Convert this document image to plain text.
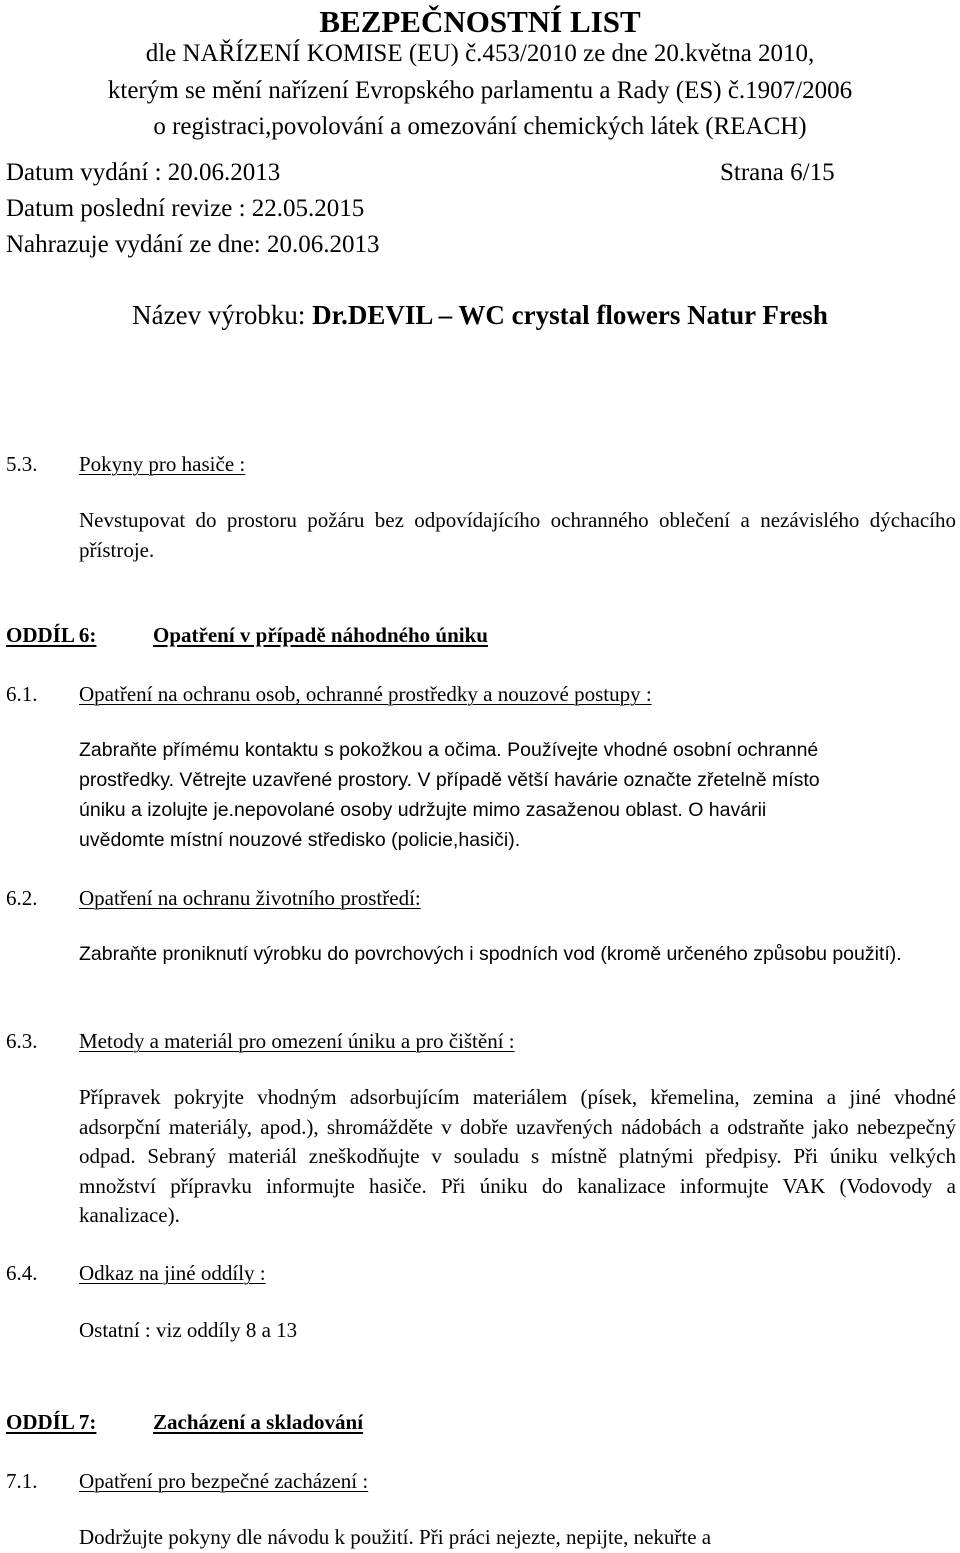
BEZPEČNOSTNÍ LIST
dle NAŘÍZENÍ KOMISE (EU) č.453/2010 ze dne 20.května 2010,
kterým se mění nařízení Evropského parlamentu a Rady (ES) č.1907/2006
o registraci,povolování a omezování chemických látek (REACH)
Datum vydání : 20.06.2013	Strana 6/15
Datum poslední revize : 22.05.2015
Nahrazuje vydání ze dne: 20.06.2013
Název výrobku: Dr.DEVIL – WC crystal flowers Natur Fresh
5.3. Pokyny pro hasiče :
Nevstupovat do prostoru požáru bez odpovídajícího ochranného oblečení a nezávislého dýchacího přístroje.
ODDÍL 6:	Opatření v případě náhodného úniku
6.1. Opatření na ochranu osob, ochranné prostředky a nouzové postupy :
Zabraňte přímému kontaktu s pokožkou a očima. Používejte vhodné osobní ochranné
prostředky. Větrejte uzavřené prostory. V případě větší havárie označte zřetelně místo
úniku a izolujte je.nepovolané osoby udržujte mimo zasaženou oblast. O havárii
uvědomte místní nouzové středisko (policie,hasiči).
6.2. Opatření na ochranu životního prostředí:
Zabraňte proniknutí výrobku do povrchových i spodních vod (kromě určeného způsobu použití).
6.3. Metody a materiál pro omezení úniku a pro čištění :
Přípravek pokryjte vhodným adsorbujícím materiálem (písek, křemelina, zemina a jiné vhodné adsorpční materiály, apod.), shromážděte v dobře uzavřených nádobách a odstraňte jako nebezpečný odpad. Sebraný materiál zneškodňujte v souladu s místně platnými předpisy. Při úniku velkých množství přípravku informujte hasiče. Při úniku do kanalizace informujte VAK (Vodovody a kanalizace).
6.4. Odkaz na jiné oddíly :
Ostatní : viz oddíly 8 a 13
ODDÍL 7:	Zacházení a skladování
7.1. Opatření pro bezpečné zacházení :
Dodržujte pokyny dle návodu k použití. Při práci nejezte, nepijte, nekuřte a
